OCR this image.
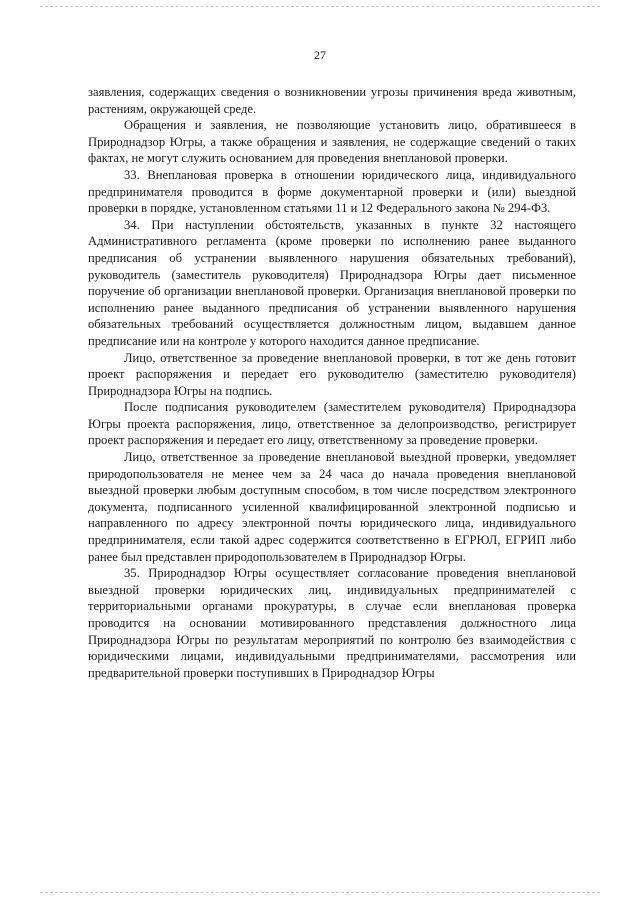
27

заявления, содержащих сведения о возникновении угрозы причинения вреда животным, растениям, окружающей среде.

Обращения и заявления, не позволяющие установить лицо, обратившееся в Природнадзор Югры, а также обращения и заявления, не содержащие сведений о таких фактах, не могут служить основанием для проведения внеплановой проверки.

33. Внеплановая проверка в отношении юридического лица, индивидуального предпринимателя проводится в форме документарной проверки и (или) выездной проверки в порядке, установленном статьями 11 и 12 Федерального закона № 294-ФЗ.

34. При наступлении обстоятельств, указанных в пункте 32 настоящего Административного регламента (кроме проверки по исполнению ранее выданного предписания об устранении выявленного нарушения обязательных требований), руководитель (заместитель руководителя) Природнадзора Югры дает письменное поручение об организации внеплановой проверки. Организация внеплановой проверки по исполнению ранее выданного предписания об устранении выявленного нарушения обязательных требований осуществляется должностным лицом, выдавшем данное предписание или на контроле у которого находится данное предписание.

Лицо, ответственное за проведение внеплановой проверки, в тот же день готовит проект распоряжения и передает его руководителю (заместителю руководителя) Природнадзора Югры на подпись.

После подписания руководителем (заместителем руководителя) Природнадзора Югры проекта распоряжения, лицо, ответственное за делопроизводство, регистрирует проект распоряжения и передает его лицу, ответственному за проведение проверки.

Лицо, ответственное за проведение внеплановой выездной проверки, уведомляет природопользователя не менее чем за 24 часа до начала проведения внеплановой выездной проверки любым доступным способом, в том числе посредством электронного документа, подписанного усиленной квалифицированной электронной подписью и направленного по адресу электронной почты юридического лица, индивидуального предпринимателя, если такой адрес содержится соответственно в ЕГРЮЛ, ЕГРИП либо ранее был представлен природопользователем в Природнадзор Югры.

35. Природнадзор Югры осуществляет согласование проведения внеплановой выездной проверки юридических лиц, индивидуальных предпринимателей с территориальными органами прокуратуры, в случае если внеплановая проверка проводится на основании мотивированного представления должностного лица Природнадзора Югры по результатам мероприятий по контролю без взаимодействия с юридическими лицами, индивидуальными предпринимателями, рассмотрения или предварительной проверки поступивших в Природнадзор Югры
